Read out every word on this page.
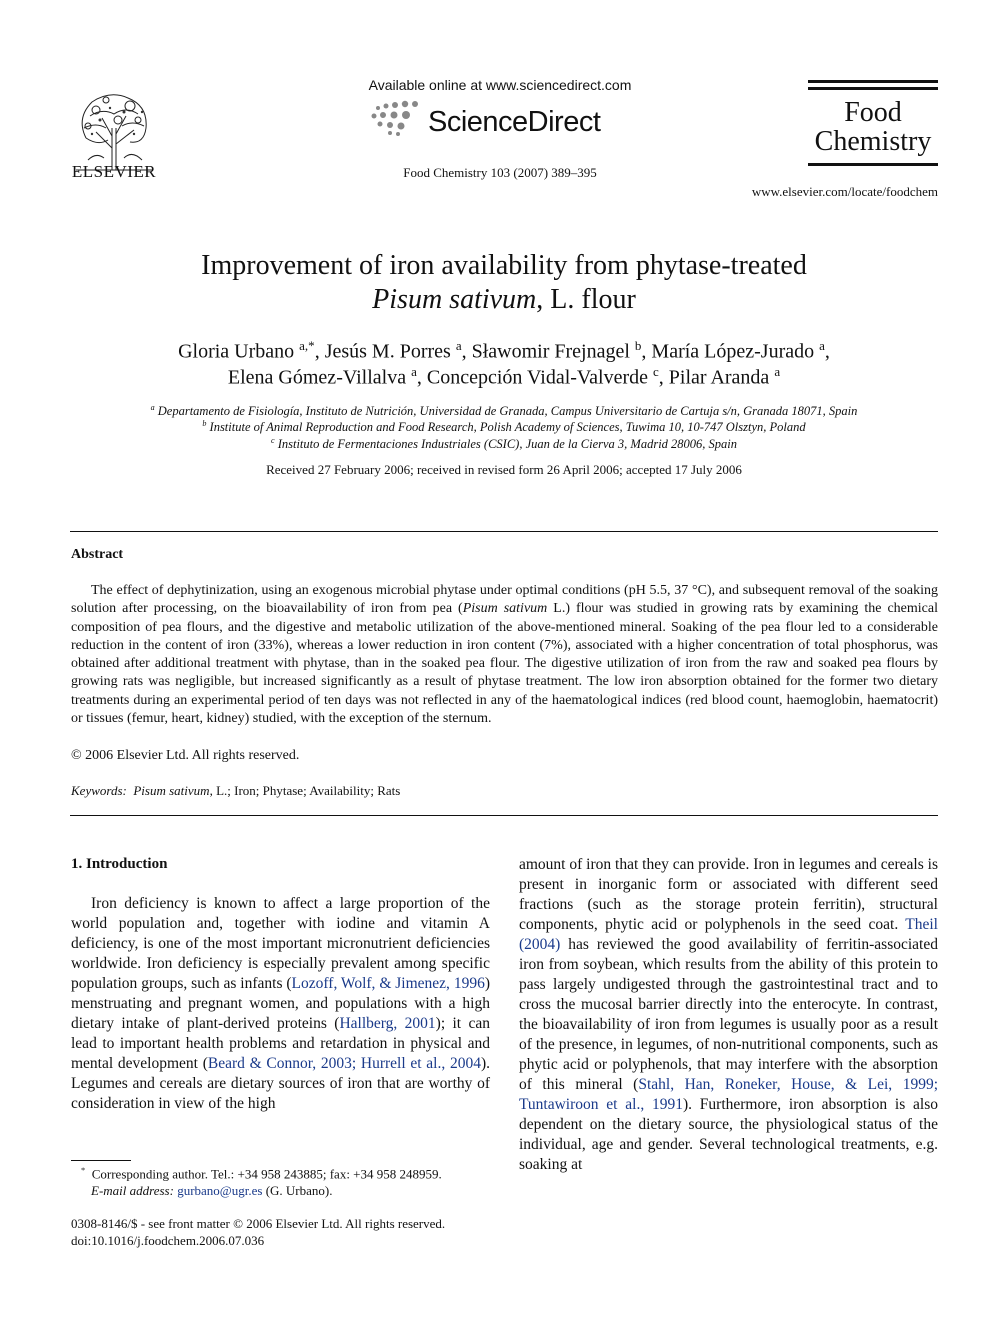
ELSEVIER
Available online at www.sciencedirect.com
ScienceDirect
Food Chemistry 103 (2007) 389–395
Food
Chemistry
www.elsevier.com/locate/foodchem
Improvement of iron availability from phytase-treated
Pisum sativum, L. flour
Gloria Urbano $^{a,*}$, Jesús M. Porres $^a$, Sławomir Frejnagel $^b$, María López-Jurado $^a$,
Elena Gómez-Villalva $^a$, Concepción Vidal-Valverde $^c$, Pilar Aranda $^a$
$^a$ Departamento de Fisiología, Instituto de Nutrición, Universidad de Granada, Campus Universitario de Cartuja s/n, Granada 18071, Spain
$^b$ Institute of Animal Reproduction and Food Research, Polish Academy of Sciences, Tuwima 10, 10-747 Olsztyn, Poland
$^c$ Instituto de Fermentaciones Industriales (CSIC), Juan de la Cierva 3, Madrid 28006, Spain
Received 27 February 2006; received in revised form 26 April 2006; accepted 17 July 2006
Abstract
The effect of dephytinization, using an exogenous microbial phytase under optimal conditions (pH 5.5, 37 °C), and subsequent removal of the soaking solution after processing, on the bioavailability of iron from pea (Pisum sativum L.) flour was studied in growing rats by examining the chemical composition of pea flours, and the digestive and metabolic utilization of the above-mentioned mineral. Soaking of the pea flour led to a considerable reduction in the content of iron (33%), whereas a lower reduction in iron content (7%), associated with a higher concentration of total phosphorus, was obtained after additional treatment with phytase, than in the soaked pea flour. The digestive utilization of iron from the raw and soaked pea flours by growing rats was negligible, but increased significantly as a result of phytase treatment. The low iron absorption obtained for the former two dietary treatments during an experimental period of ten days was not reflected in any of the haematological indices (red blood count, haemoglobin, haematocrit) or tissues (femur, heart, kidney) studied, with the exception of the sternum.
© 2006 Elsevier Ltd. All rights reserved.
Keywords: Pisum sativum, L.; Iron; Phytase; Availability; Rats
1. Introduction
Iron deficiency is known to affect a large proportion of the world population and, together with iodine and vitamin A deficiency, is one of the most important micronutrient deficiencies worldwide. Iron deficiency is especially prevalent among specific population groups, such as infants (Lozoff, Wolf, & Jimenez, 1996) menstruating and pregnant women, and populations with a high dietary intake of plant-derived proteins (Hallberg, 2001); it can lead to important health problems and retardation in physical and mental development (Beard & Connor, 2003; Hurrell et al., 2004). Legumes and cereals are dietary sources of iron that are worthy of consideration in view of the high
amount of iron that they can provide. Iron in legumes and cereals is present in inorganic form or associated with different seed fractions (such as the storage protein ferritin), structural components, phytic acid or polyphenols in the seed coat. Theil (2004) has reviewed the good availability of ferritin-associated iron from soybean, which results from the ability of this protein to pass largely undigested through the gastrointestinal tract and to cross the mucosal barrier directly into the enterocyte. In contrast, the bioavailability of iron from legumes is usually poor as a result of the presence, in legumes, of non-nutritional components, such as phytic acid or polyphenols, that may interfere with the absorption of this mineral (Stahl, Han, Roneker, House, & Lei, 1999; Tuntawiroon et al., 1991). Furthermore, iron absorption is also dependent on the dietary source, the physiological status of the individual, age and gender. Several technological treatments, e.g. soaking at
* Corresponding author. Tel.: +34 958 243885; fax: +34 958 248959.
E-mail address: gurbano@ugr.es (G. Urbano).
0308-8146/$ - see front matter © 2006 Elsevier Ltd. All rights reserved.
doi:10.1016/j.foodchem.2006.07.036
